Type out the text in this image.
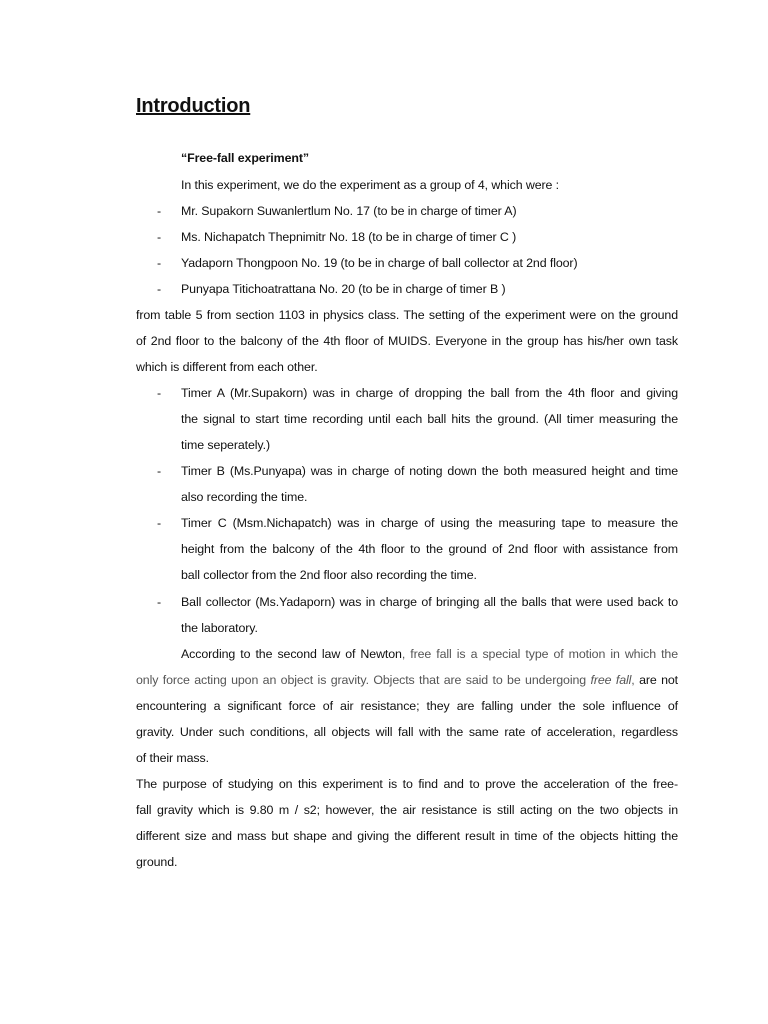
Introduction
“Free-fall experiment”
In this experiment, we do the experiment as a group of 4, which were :
- Mr. Supakorn Suwanlertlum No. 17 (to be in charge of timer A)
- Ms. Nichapatch Thepnimitr No. 18 (to be in charge of timer C )
- Yadaporn Thongpoon No. 19 (to be in charge of ball collector at 2nd floor)
- Punyapa Titichoatrattana No. 20 (to be in charge of timer B )
from table 5 from section 1103 in physics class. The setting of the experiment were on the ground
of 2nd floor to the balcony of the 4th floor of MUIDS. Everyone in the group has his/her own task
which is different from each other.
- Timer A (Mr.Supakorn) was in charge of dropping the ball from the 4th floor and giving
the signal to start time recording until each ball hits the ground. (All timer measuring the
time seperately.)
- Timer B (Ms.Punyapa) was in charge of noting down the both measured height and time
also recording the time.
- Timer C (Msm.Nichapatch) was in charge of using the measuring tape to measure the
height from the balcony of the 4th floor to the ground of 2nd floor with assistance from
ball collector from the 2nd floor also recording the time.
- Ball collector (Ms.Yadaporn) was in charge of bringing all the balls that were used back to
the laboratory.
According to the second law of Newton, free fall is a special type of motion in which the
only force acting upon an object is gravity. Objects that are said to be undergoing free fall, are not
encountering a significant force of air resistance; they are falling under the sole influence of
gravity. Under such conditions, all objects will fall with the same rate of acceleration, regardless
of their mass.
The purpose of studying on this experiment is to find and to prove the acceleration of the free-
fall gravity which is 9.80 m / s2; however, the air resistance is still acting on the two objects in
different size and mass but shape and giving the different result in time of the objects hitting the
ground.
